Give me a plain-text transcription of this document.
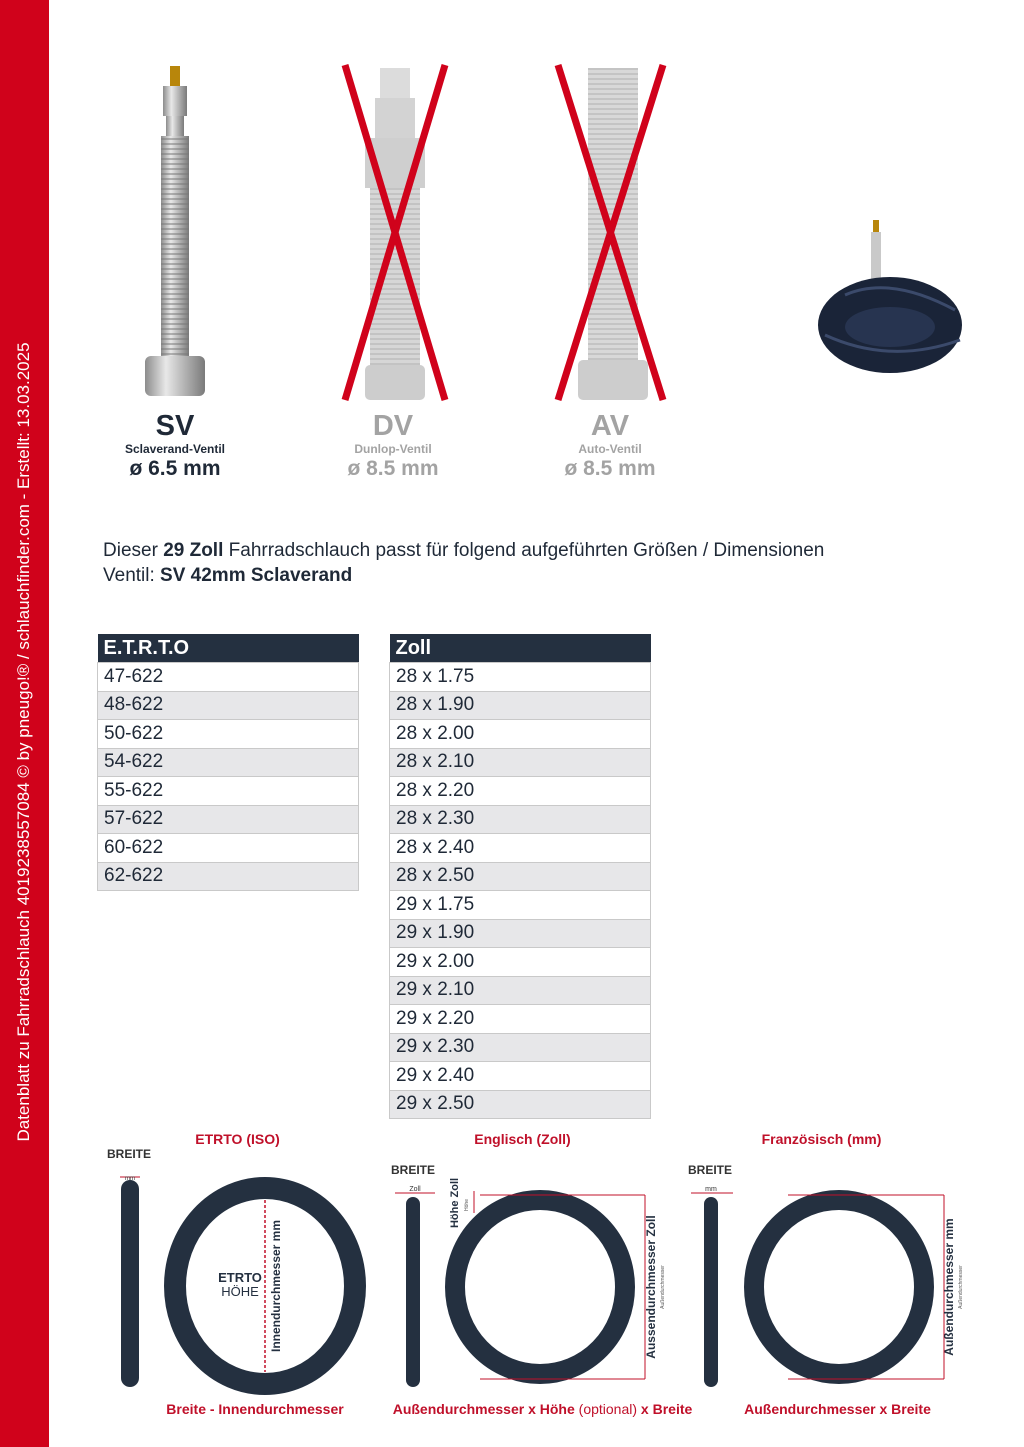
Datenblatt zu Fahrradschlauch 4019238557084 © by pneugo!® / schlauchfinder.com - Erstellt: 13.03.2025	SV
Sclaverand-Ventil
ø 6.5 mm
DV
Dunlop-Ventil
ø 8.5 mm
AV
Auto-Ventil
ø 8.5 mm
Dieser 29 Zoll Fahrradschlauch passt für folgend aufgeführten Größen / Dimensionen
Ventil: SV 42mm Sclaverand
E.T.R.T.O
47-622
48-622
50-622
54-622
55-622
57-622
60-622
62-622
Zoll
28 x 1.75
28 x 1.90
28 x 2.00
28 x 2.10
28 x 2.20
28 x 2.30
28 x 2.40
28 x 2.50
29 x 1.75
29 x 1.90
29 x 2.00
29 x 2.10
29 x 2.20
29 x 2.30
29 x 2.40
29 x 2.50
ETRTO (ISO)	Englisch (Zoll)	Französisch (mm)
BREITE
mm
ETRTO
HÖHE Innendurchmesser mm
Breite - Innendurchmesser
BREITE
Zoll	Höhe Zoll Höhe
Aussendurchmesser Zoll Außendurchmesser
Außendurchmesser x Höhe (optional) x Breite
BREITE
mm
Außendurchmesser mm Außendurchmesser
Außendurchmesser x Breite
